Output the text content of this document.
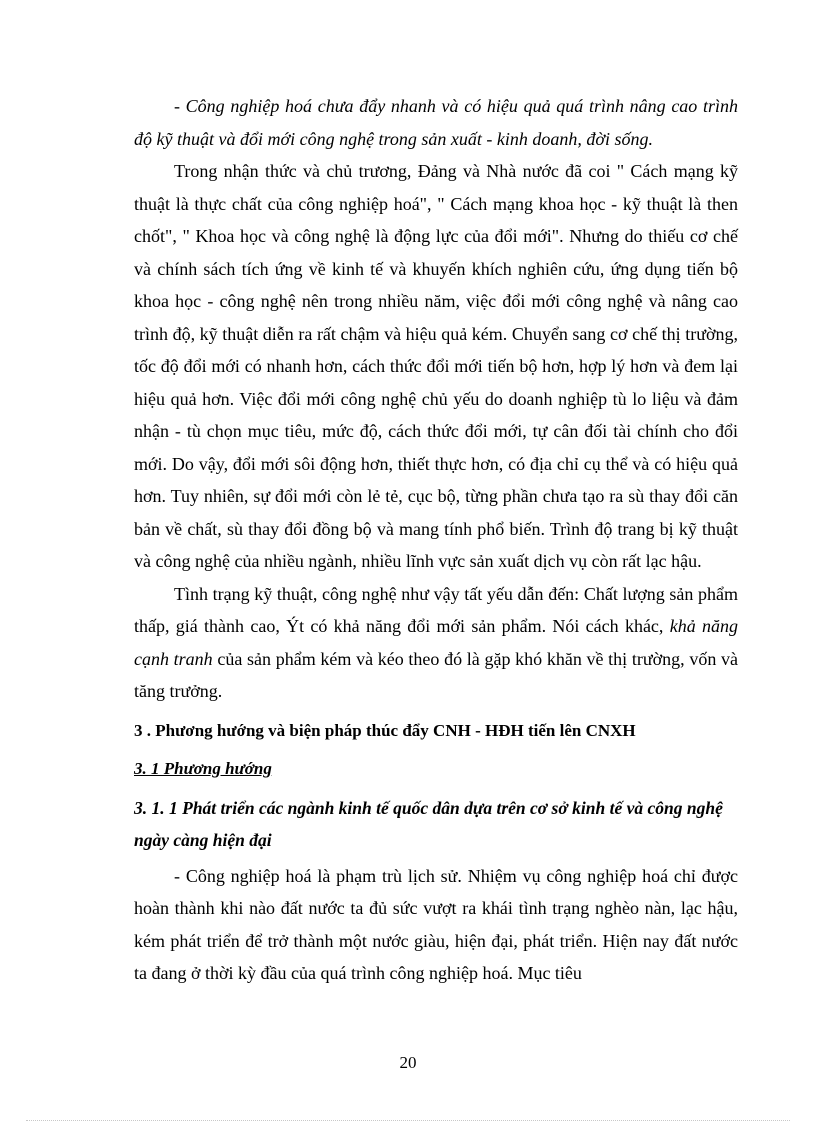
- Công nghiệp hoá chưa đẩy nhanh và có hiệu quả quá trình nâng cao trình độ kỹ thuật và đổi mới công nghệ trong sản xuất - kinh doanh, đời sống.

Trong nhận thức và chủ trương, Đảng và Nhà nước đã coi " Cách mạng kỹ thuật là thực chất của công nghiệp hoá", " Cách mạng khoa học - kỹ thuật là then chốt", " Khoa học và công nghệ là động lực của đổi mới". Nhưng do thiếu cơ chế và chính sách tích ứng về kinh tế và khuyến khích nghiên cứu, ứng dụng tiến bộ khoa học - công nghệ nên trong nhiều năm, việc đổi mới công nghệ và nâng cao trình độ, kỹ thuật diễn ra rất chậm và hiệu quả kém. Chuyển sang cơ chế thị trường, tốc độ đổi mới có nhanh hơn, cách thức đổi mới tiến bộ hơn, hợp lý hơn và đem lại hiệu quả hơn. Việc đổi mới công nghệ chủ yếu do doanh nghiệp tù lo liệu và đảm nhận - tù chọn mục tiêu, mức độ, cách thức đổi mới, tự cân đối tài chính cho đổi mới. Do vậy, đổi mới sôi động hơn, thiết thực hơn, có địa chỉ cụ thể và có hiệu quả hơn. Tuy nhiên, sự đổi mới còn lẻ tẻ, cục bộ, từng phần chưa tạo ra sù thay đổi căn bản về chất, sù thay đổi đồng bộ và mang tính phổ biến. Trình độ trang bị kỹ thuật và công nghệ của nhiều ngành, nhiều lĩnh vực sản xuất dịch vụ còn rất lạc hậu.

Tình trạng kỹ thuật, công nghệ như vậy tất yếu dẫn đến: Chất lượng sản phẩm thấp, giá thành cao, Ýt có khả năng đổi mới sản phẩm. Nói cách khác, khả năng cạnh tranh của sản phẩm kém và kéo theo đó là gặp khó khăn về thị trường, vốn và tăng trưởng.

3 . Phương hướng và biện pháp thúc đẩy CNH - HĐH tiến lên CNXH
3. 1 Phương hướng
3. 1. 1 Phát triển các ngành kinh tế quốc dân dựa trên cơ sở kinh tế và công nghệ ngày càng hiện đại

- Công nghiệp hoá là phạm trù lịch sử. Nhiệm vụ công nghiệp hoá chỉ được hoàn thành khi nào đất nước ta đủ sức vượt ra khái tình trạng nghèo nàn, lạc hậu, kém phát triển để trở thành một nước giàu, hiện đại, phát triển. Hiện nay đất nước ta đang ở thời kỳ đầu của quá trình công nghiệp hoá. Mục tiêu

20
